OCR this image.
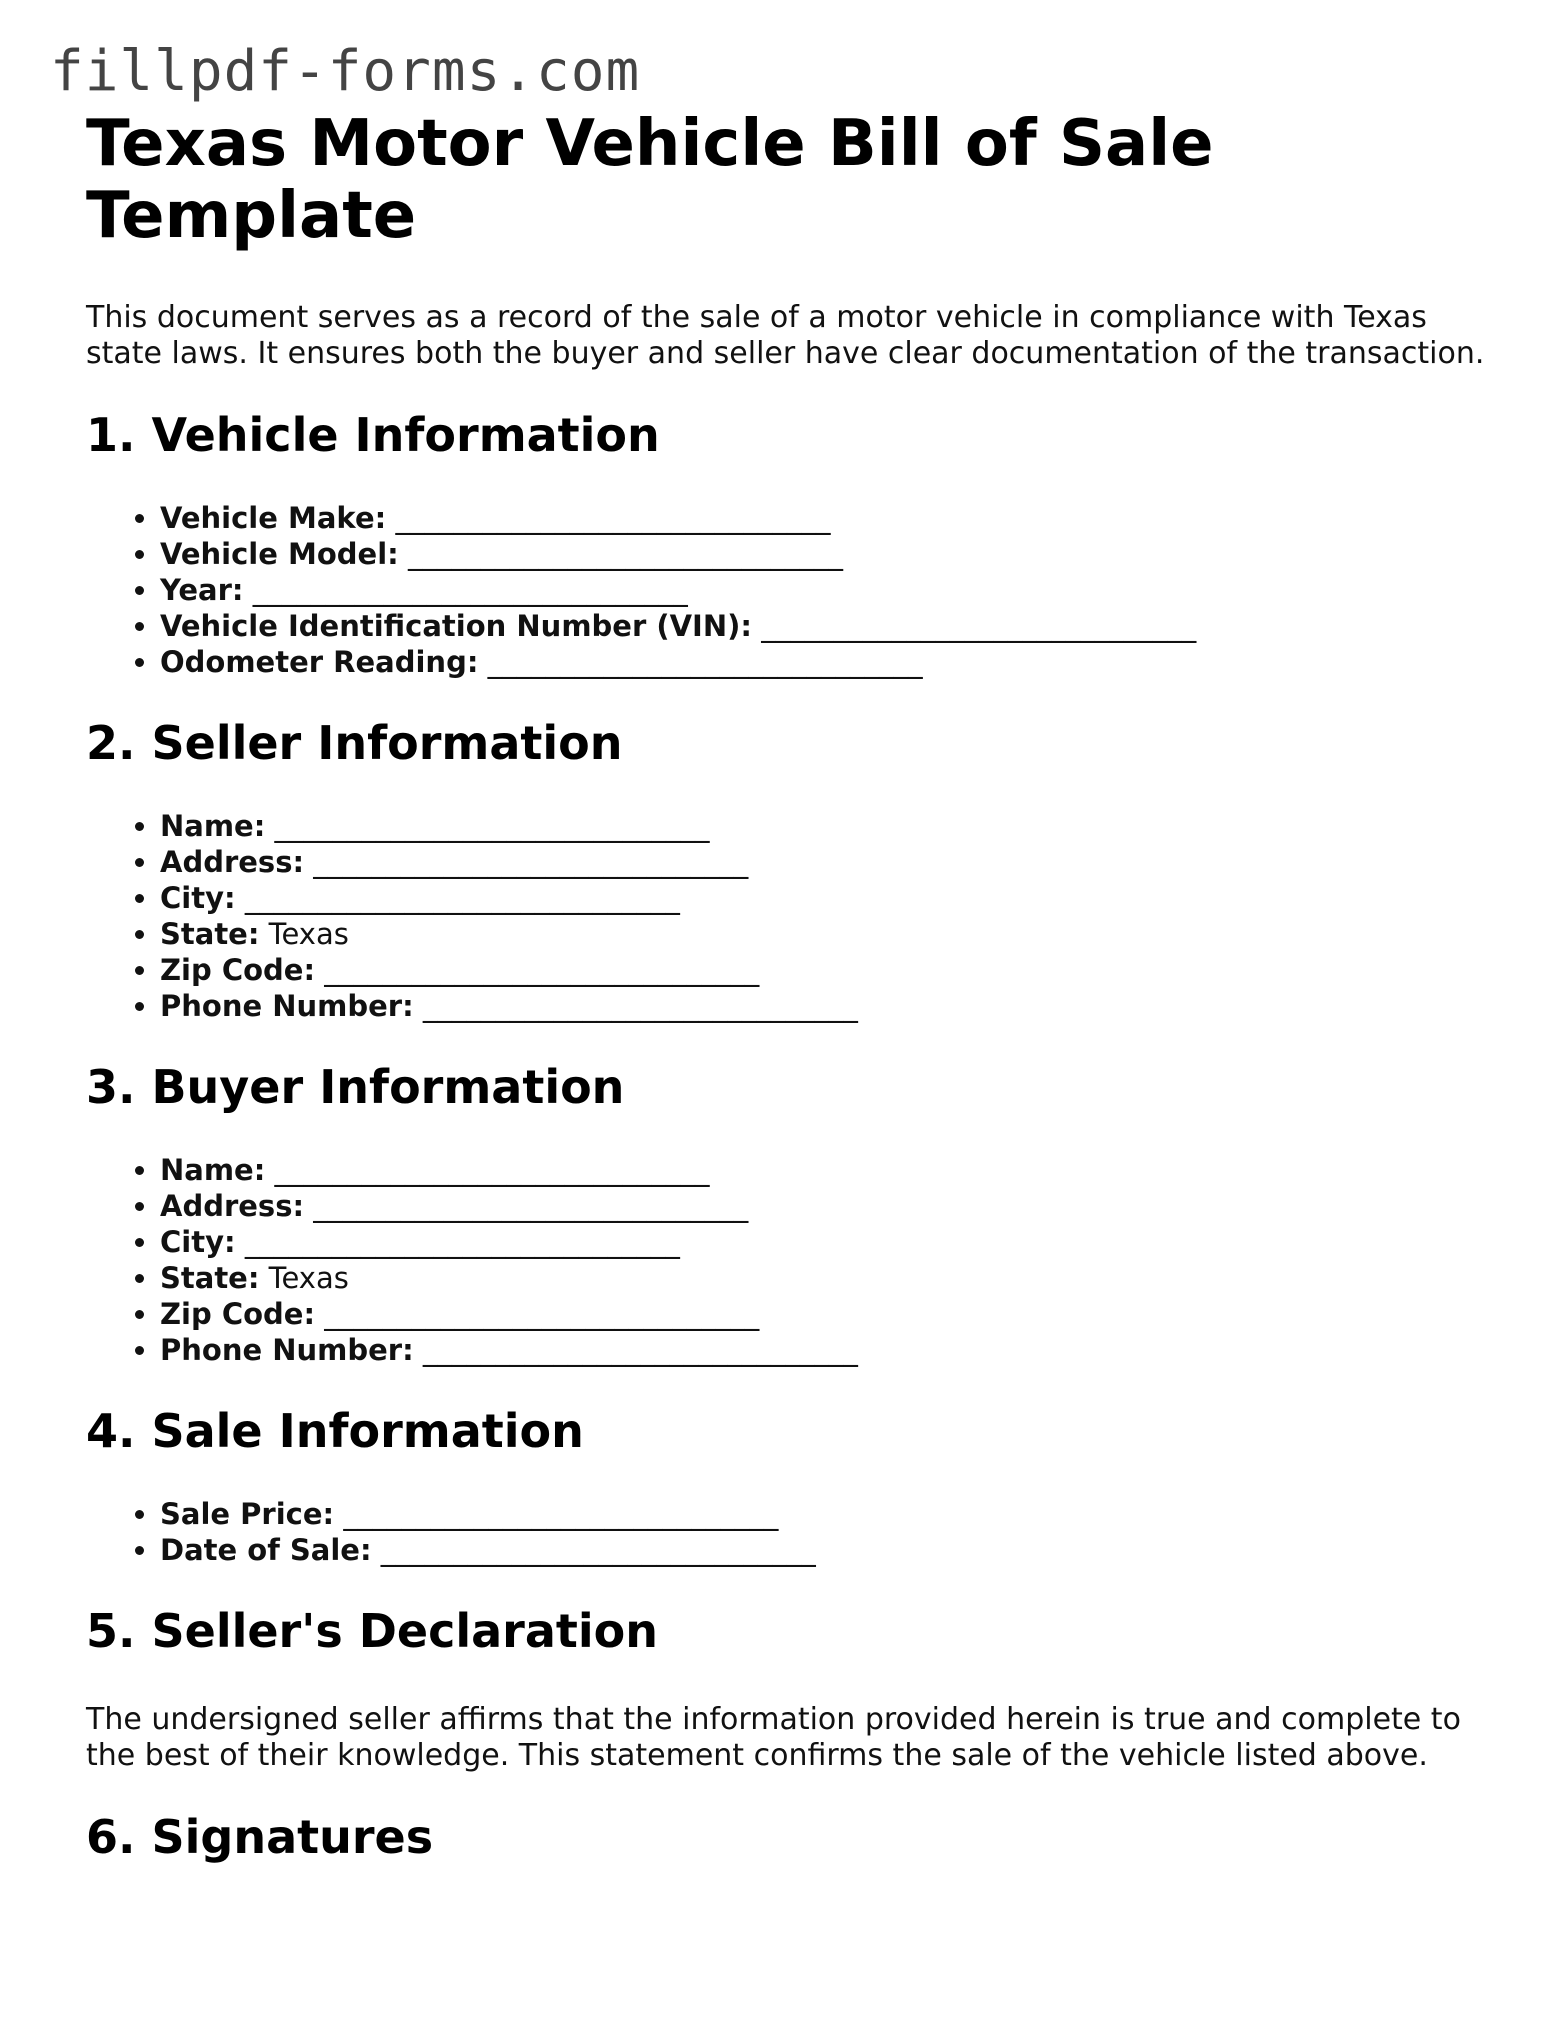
fillpdf-forms.com
Texas Motor Vehicle Bill of Sale Template

This document serves as a record of the sale of a motor vehicle in compliance with Texas state laws. It ensures both the buyer and seller have clear documentation of the transaction.

1. Vehicle Information
• Vehicle Make: ______________________________
• Vehicle Model: ______________________________
• Year: ______________________________
• Vehicle Identification Number (VIN): ______________________________
• Odometer Reading: ______________________________
2. Seller Information
• Name: ______________________________
• Address: ______________________________
• City: ______________________________
• State: Texas
• Zip Code: ______________________________
• Phone Number: ______________________________
3. Buyer Information
• Name: ______________________________
• Address: ______________________________
• City: ______________________________
• State: Texas
• Zip Code: ______________________________
• Phone Number: ______________________________
4. Sale Information
• Sale Price: ______________________________
• Date of Sale: ______________________________
5. Seller's Declaration

The undersigned seller affirms that the information provided herein is true and complete to the best of their knowledge. This statement confirms the sale of the vehicle listed above.

6. Signatures
